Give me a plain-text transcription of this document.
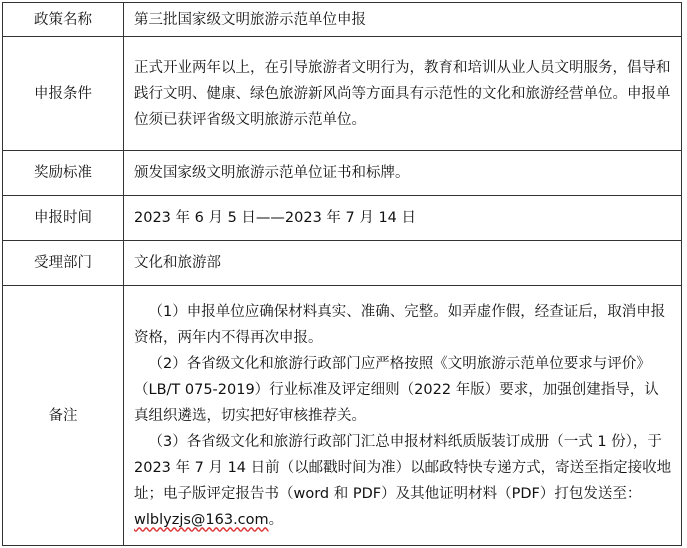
政策名称	第三批国家级文明旅游示范单位申报
申报条件	正式开业两年以上，在引导旅游者文明行为，教育和培训从业人员文明服务，倡导和践行文明、健康、绿色旅游新风尚等方面具有示范性的文化和旅游经营单位。申报单位须已获评省级文明旅游示范单位。
奖励标准	颁发国家级文明旅游示范单位证书和标牌。
申报时间	2023 年 6 月 5 日——2023 年 7 月 14 日
受理部门	文化和旅游部
备注	（1）申报单位应确保材料真实、准确、完整。如弄虚作假，经查证后，取消申报资格，两年内不得再次申报。

（2）各省级文化和旅游行政部门应严格按照《文明旅游示范单位要求与评价》（LB/T 075-2019）行业标准及评定细则（2022 年版）要求，加强创建指导，认真组织遴选，切实把好审核推荐关。

（3）各省级文化和旅游行政部门汇总申报材料纸质版装订成册（一式 1 份），于 2023 年 7 月 14 日前（以邮戳时间为准）以邮政特快专递方式，寄送至指定接收地址；电子版评定报告书（word 和 PDF）及其他证明材料（PDF）打包发送至：wlblyzjs@163.com。
